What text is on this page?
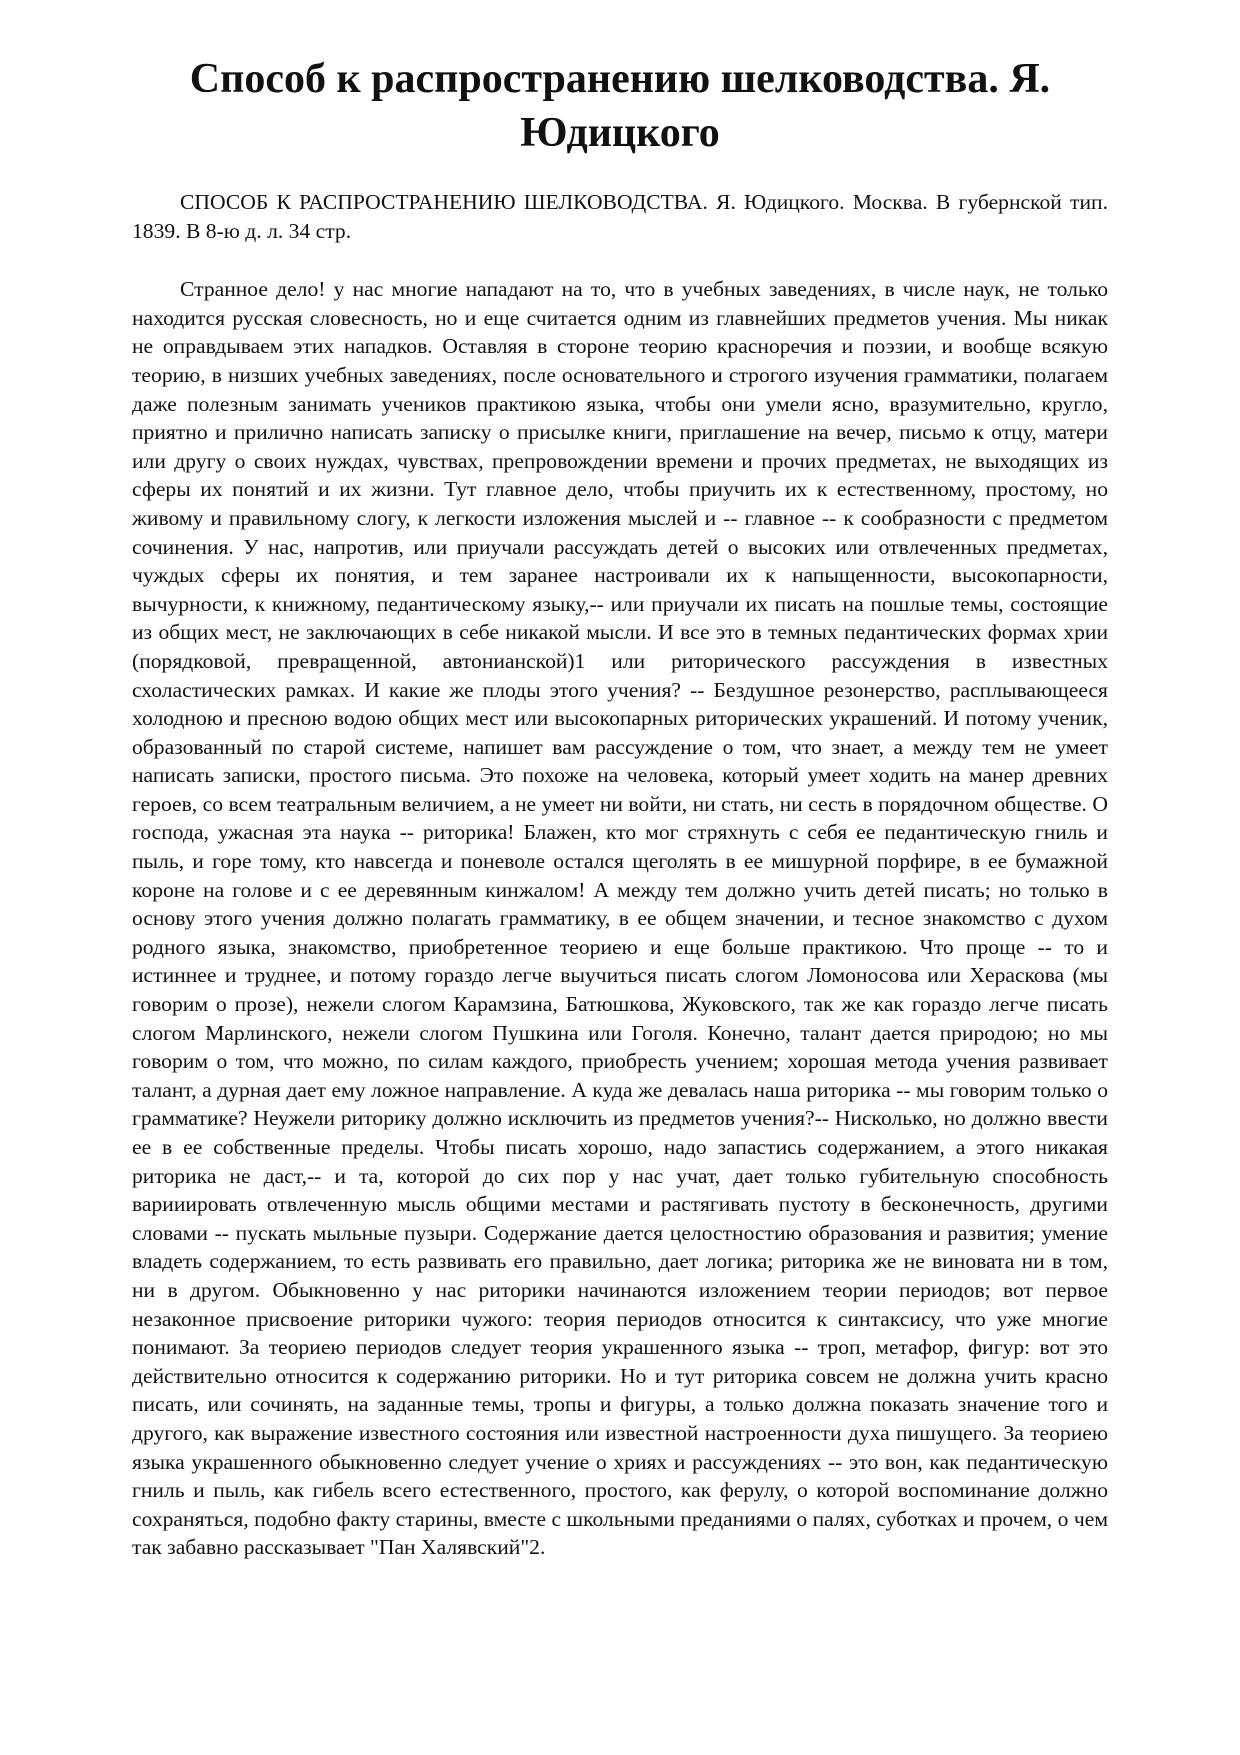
Способ к распространению шелководства. Я. Юдицкого

СПОСОБ К РАСПРОСТРАНЕНИЮ ШЕЛКОВОДСТВА. Я. Юдицкого. Москва. В губернской тип. 1839. В 8-ю д. л. 34 стр.

Странное дело! у нас многие нападают на то, что в учебных заведениях, в числе наук, не только находится русская словесность, но и еще считается одним из главнейших предметов учения. Мы никак не оправдываем этих нападков. Оставляя в стороне теорию красноречия и поэзии, и вообще всякую теорию, в низших учебных заведениях, после основательного и строгого изучения грамматики, полагаем даже полезным занимать учеников практикою языка, чтобы они умели ясно, вразумительно, кругло, приятно и прилично написать записку о присылке книги, приглашение на вечер, письмо к отцу, матери или другу о своих нуждах, чувствах, препровождении времени и прочих предметах, не выходящих из сферы их понятий и их жизни. Тут главное дело, чтобы приучить их к естественному, простому, но живому и правильному слогу, к легкости изложения мыслей и -- главное -- к сообразности с предметом сочинения. У нас, напротив, или приучали рассуждать детей о высоких или отвлеченных предметах, чуждых сферы их понятия, и тем заранее настроивали их к напыщенности, высокопарности, вычурности, к книжному, педантическому языку,-- или приучали их писать на пошлые темы, состоящие из общих мест, не заключающих в себе никакой мысли. И все это в темных педантических формах хрии (порядковой, превращенной, автонианской)1 или риторического рассуждения в известных схоластических рамках. И какие же плоды этого учения? -- Бездушное резонерство, расплывающееся холодною и пресною водою общих мест или высокопарных риторических украшений. И потому ученик, образованный по старой системе, напишет вам рассуждение о том, что знает, а между тем не умеет написать записки, простого письма. Это похоже на человека, который умеет ходить на манер древних героев, со всем театральным величием, а не умеет ни войти, ни стать, ни сесть в порядочном обществе. О господа, ужасная эта наука -- риторика! Блажен, кто мог стряхнуть с себя ее педантическую гниль и пыль, и горе тому, кто навсегда и поневоле остался щеголять в ее мишурной порфире, в ее бумажной короне на голове и с ее деревянным кинжалом! А между тем должно учить детей писать; но только в основу этого учения должно полагать грамматику, в ее общем значении, и тесное знакомство с духом родного языка, знакомство, приобретенное теориею и еще больше практикою. Что проще -- то и истиннее и труднее, и потому гораздо легче выучиться писать слогом Ломоносова или Хераскова (мы говорим о прозе), нежели слогом Карамзина, Батюшкова, Жуковского, так же как гораздо легче писать слогом Марлинского, нежели слогом Пушкина или Гоголя. Конечно, талант дается природою; но мы говорим о том, что можно, по силам каждого, приобресть учением; хорошая метода учения развивает талант, а дурная дает ему ложное направление. А куда же девалась наша риторика -- мы говорим только о грамматике? Неужели риторику должно исключить из предметов учения?-- Нисколько, но должно ввести ее в ее собственные пределы. Чтобы писать хорошо, надо запастись содержанием, а этого никакая риторика не даст,-- и та, которой до сих пор у нас учат, дает только губительную способность варииировать отвлеченную мысль общими местами и растягивать пустоту в бесконечность, другими словами -- пускать мыльные пузыри. Содержание дается целостностию образования и развития; умение владеть содержанием, то есть развивать его правильно, дает логика; риторика же не виновата ни в том, ни в другом. Обыкновенно у нас риторики начинаются изложением теории периодов; вот первое незаконное присвоение риторики чужого: теория периодов относится к синтаксису, что уже многие понимают. За теориею периодов следует теория украшенного языка -- троп, метафор, фигур: вот это действительно относится к содержанию риторики. Но и тут риторика совсем не должна учить красно писать, или сочинять, на заданные темы, тропы и фигуры, а только должна показать значение того и другого, как выражение известного состояния или известной настроенности духа пишущего. За теориею языка украшенного обыкновенно следует учение о хриях и рассуждениях -- это вон, как педантическую гниль и пыль, как гибель всего естественного, простого, как ферулу, о которой воспоминание должно сохраняться, подобно факту старины, вместе с школьными преданиями о палях, суботках и прочем, о чем так забавно рассказывает "Пан Халявский"2.
